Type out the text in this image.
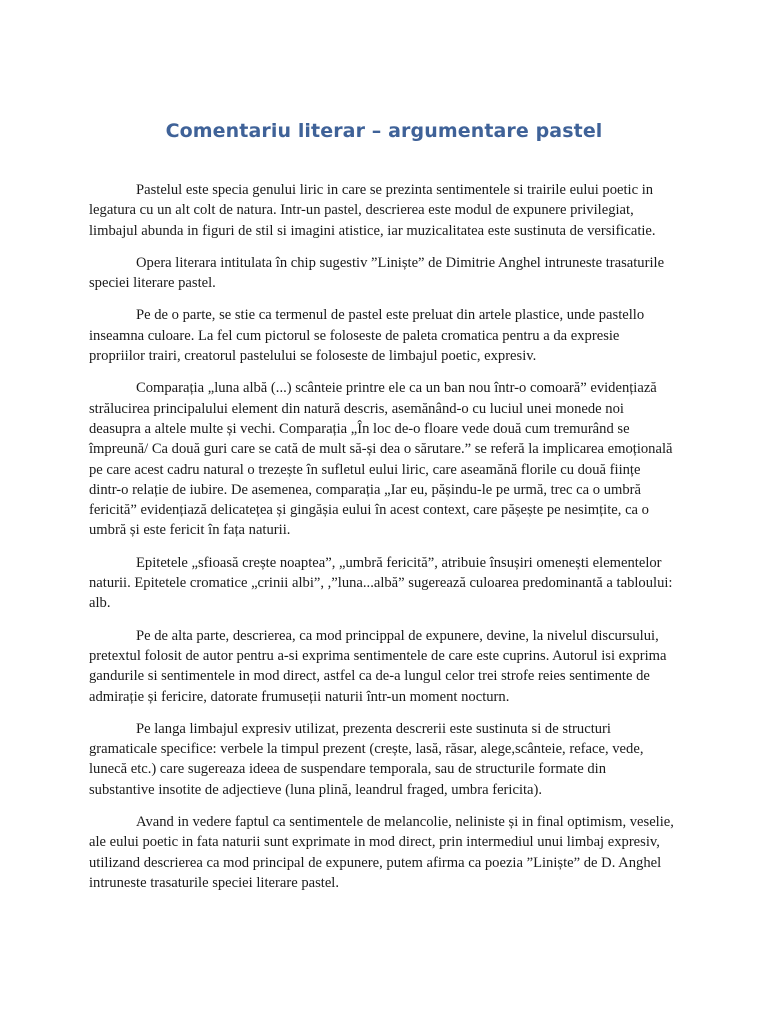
Comentariu literar – argumentare pastel

Pastelul este specia genului liric in care se prezinta sentimentele si trairile eului poetic in legatura cu un alt colt de natura. Intr-un pastel, descrierea este modul de expunere privilegiat, limbajul abunda in figuri de stil si imagini atistice, iar muzicalitatea este sustinuta de versificatie.

Opera literara intitulata în chip sugestiv ”Liniște” de Dimitrie Anghel intruneste trasaturile speciei literare pastel.

Pe de o parte, se stie ca termenul de pastel este preluat din artele plastice, unde pastello inseamna culoare. La fel cum pictorul se foloseste de paleta cromatica pentru a da expresie propriilor trairi, creatorul pastelului se foloseste de limbajul poetic, expresiv.

Comparația „luna albă (...) scânteie printre ele ca un ban nou într-o comoară” evidențiază strălucirea principalului element din natură descris, asemănând-o cu luciul unei monede noi deasupra a altele multe și vechi. Comparația „În loc de-o floare vede două cum tremurând se împreună/ Ca două guri care se cată de mult să-și dea o sărutare.” se referă la implicarea emoțională pe care acest cadru natural o trezește în sufletul eului liric, care aseamănă florile cu două ființe dintr-o relație de iubire. De asemenea, comparația „Iar eu, pășindu-le pe urmă, trec ca o umbră fericită” evidențiază delicatețea și gingășia eului în acest context, care pășește pe nesimțite, ca o umbră și este fericit în fața naturii.

Epitetele „sfioasă crește noaptea”, „umbră fericită”, atribuie însușiri omenești elementelor naturii. Epitetele cromatice „crinii albi”, ,”luna...albă” sugerează culoarea predominantă a tabloului: alb.

Pe de alta parte, descrierea, ca mod princippal de expunere, devine, la nivelul discursului, pretextul folosit de autor pentru a-si exprima sentimentele de care este cuprins. Autorul isi exprima gandurile si sentimentele in mod direct, astfel ca de-a lungul celor trei strofe reies sentimente de admirație și fericire, datorate frumuseții naturii într-un moment nocturn.

Pe langa limbajul expresiv utilizat, prezenta descrerii este sustinuta si de structuri gramaticale specifice: verbele la timpul prezent (crește, lasă, răsar, alege,scânteie, reface, vede, lunecă etc.) care sugereaza ideea de suspendare temporala, sau de structurile formate din substantive insotite de adjectieve (luna plină, leandrul fraged, umbra fericita).

Avand in vedere faptul ca sentimentele de melancolie, neliniste și in final optimism, veselie, ale eului poetic in fata naturii sunt exprimate in mod direct, prin intermediul unui limbaj expresiv, utilizand descrierea ca mod principal de expunere, putem afirma ca poezia ”Liniște” de D. Anghel intruneste trasaturile speciei literare pastel.
